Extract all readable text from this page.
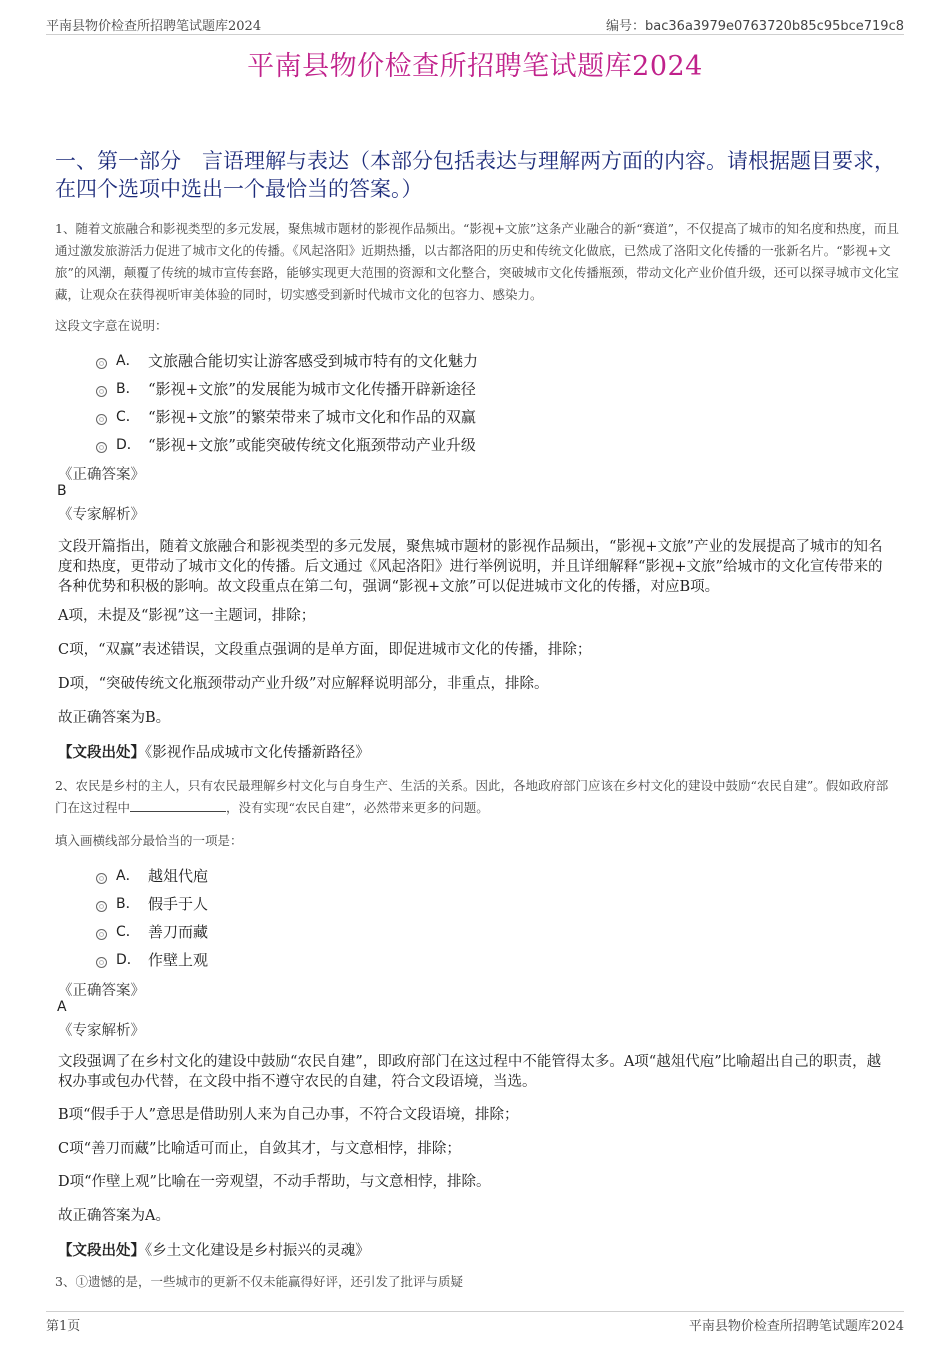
平南县物价检查所招聘笔试题库2024	编号：bac36a3979e0763720b85c95bce719c8
平南县物价检查所招聘笔试题库2024
一、第一部分　言语理解与表达（本部分包括表达与理解两方面的内容。请根据题目要求，在四个选项中选出一个最恰当的答案。）
1、随着文旅融合和影视类型的多元发展，聚焦城市题材的影视作品频出。“影视+文旅”这条产业融合的新“赛道”，不仅提高了城市的知名度和热度，而且通过激发旅游活力促进了城市文化的传播。《风起洛阳》近期热播，以古都洛阳的历史和传统文化做底，已然成了洛阳文化传播的一张新名片。“影视+文旅”的风潮，颠覆了传统的城市宣传套路，能够实现更大范围的资源和文化整合，突破城市文化传播瓶颈，带动文化产业价值升级，还可以探寻城市文化宝藏，让观众在获得视听审美体验的同时，切实感受到新时代城市文化的包容力、感染力。
这段文字意在说明：
A． 文旅融合能切实让游客感受到城市特有的文化魅力
B． “影视+文旅”的发展能为城市文化传播开辟新途径
C． “影视+文旅”的繁荣带来了城市文化和作品的双赢
D． “影视+文旅”或能突破传统文化瓶颈带动产业升级
《正确答案》
B
《专家解析》
文段开篇指出，随着文旅融合和影视类型的多元发展，聚焦城市题材的影视作品频出，“影视+文旅”产业的发展提高了城市的知名度和热度，更带动了城市文化的传播。后文通过《风起洛阳》进行举例说明，并且详细解释“影视+文旅”给城市的文化宣传带来的各种优势和积极的影响。故文段重点在第二句，强调“影视+文旅”可以促进城市文化的传播，对应B项。
A项，未提及“影视”这一主题词，排除；
C项，“双赢”表述错误，文段重点强调的是单方面，即促进城市文化的传播，排除；
D项，“突破传统文化瓶颈带动产业升级”对应解释说明部分，非重点，排除。
故正确答案为B。
【文段出处】《影视作品成城市文化传播新路径》
2、农民是乡村的主人，只有农民最理解乡村文化与自身生产、生活的关系。因此，各地政府部门应该在乡村文化的建设中鼓励“农民自建”。假如政府部门在这过程中	，没有实现“农民自建”，必然带来更多的问题。
填入画横线部分最恰当的一项是：
A． 越俎代庖
B． 假手于人
C． 善刀而藏
D． 作壁上观
《正确答案》
A
《专家解析》
文段强调了在乡村文化的建设中鼓励“农民自建”，即政府部门在这过程中不能管得太多。A项“越俎代庖”比喻超出自己的职责，越权办事或包办代替，在文段中指不遵守农民的自建，符合文段语境，当选。
B项“假手于人”意思是借助别人来为自己办事，不符合文段语境，排除；
C项“善刀而藏”比喻适可而止，自敛其才，与文意相悖，排除；
D项“作壁上观”比喻在一旁观望，不动手帮助，与文意相悖，排除。
故正确答案为A。
【文段出处】《乡土文化建设是乡村振兴的灵魂》
3、①遗憾的是，一些城市的更新不仅未能赢得好评，还引发了批评与质疑
第1页	平南县物价检查所招聘笔试题库2024
